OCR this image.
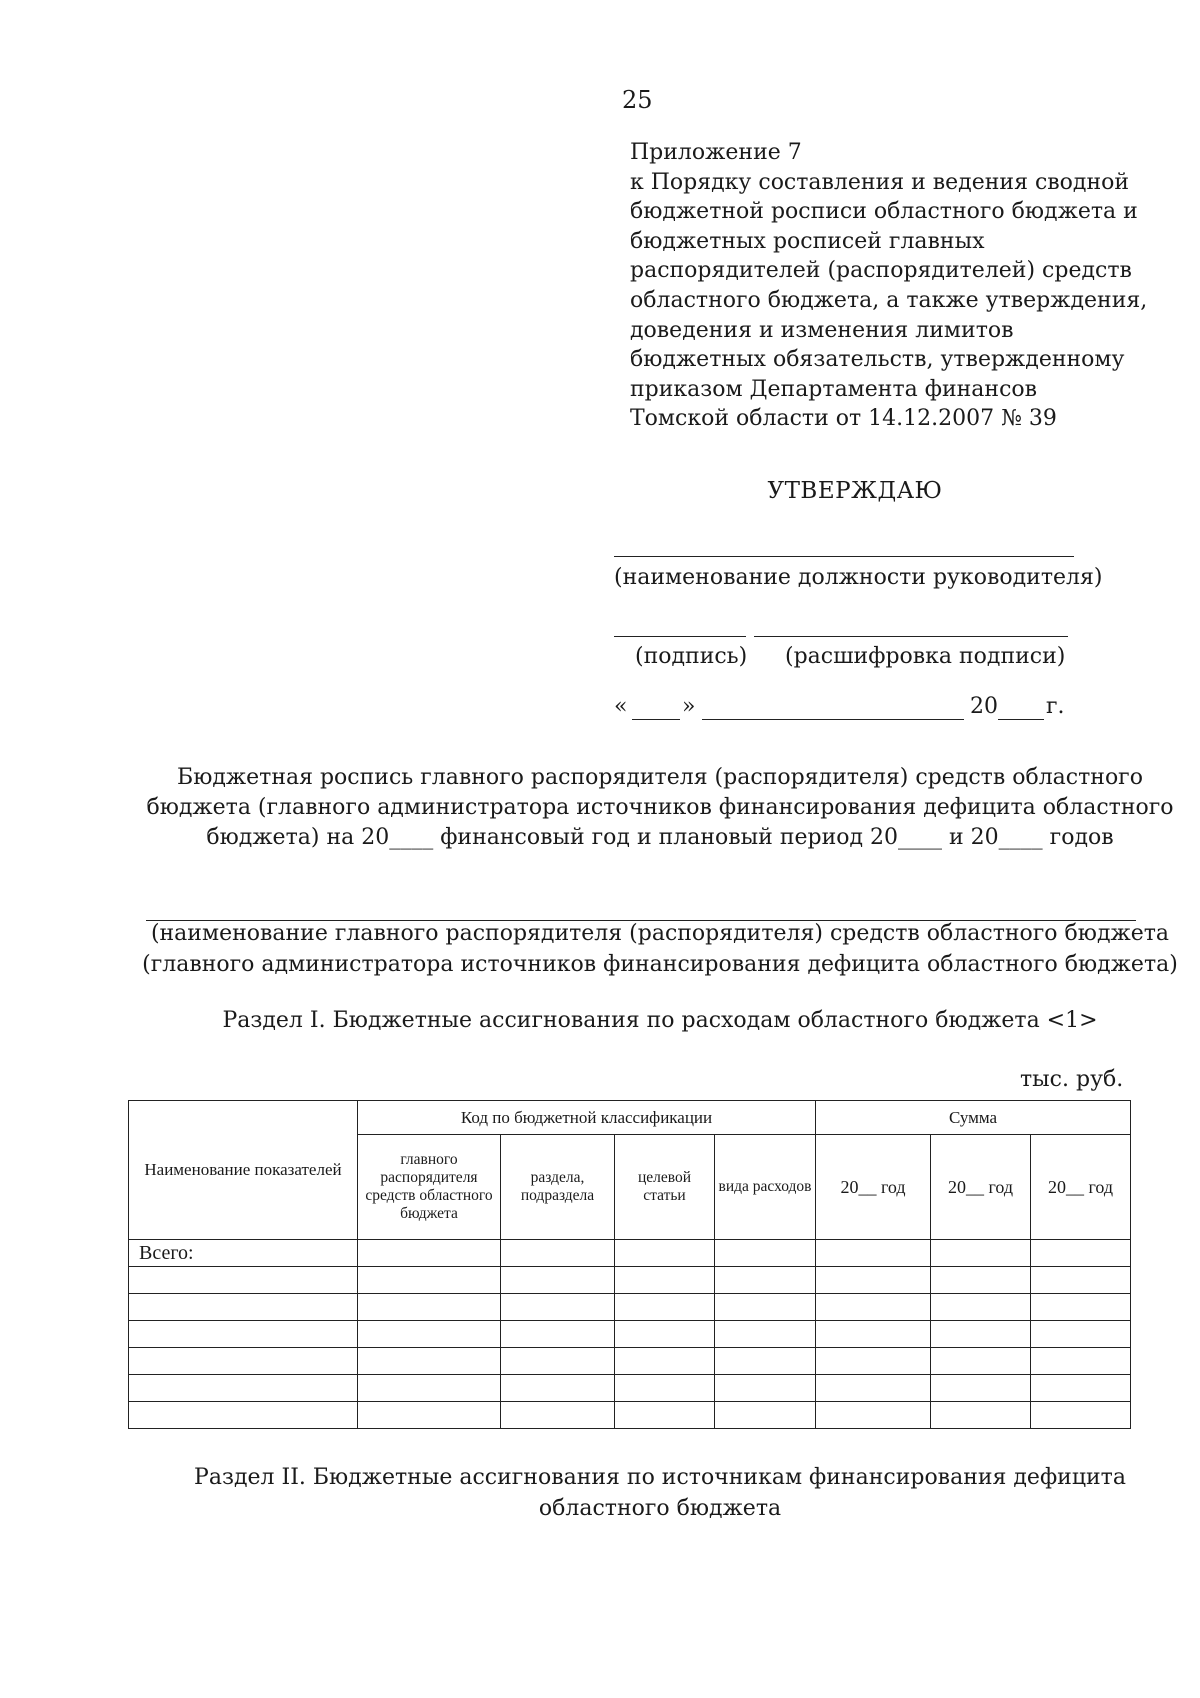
25
Приложение 7
к Порядку составления и ведения сводной
бюджетной росписи областного бюджета и
бюджетных росписей главных
распорядителей (распорядителей) средств
областного бюджета, а также утверждения,
доведения и изменения лимитов
бюджетных обязательств, утвержденному
приказом Департамента финансов
Томской области от 14.12.2007 № 39
УТВЕРЖДАЮ
(наименование должности руководителя)
(подпись) (расшифровка подписи)
« »	20 г.
Бюджетная роспись главного распорядителя (распорядителя) средств областного
бюджета (главного администратора источников финансирования дефицита областного
бюджета) на 20____ финансовый год и плановый период 20____ и 20____ годов
(наименование главного распорядителя (распорядителя) средств областного бюджета
(главного администратора источников финансирования дефицита областного бюджета)
Раздел I. Бюджетные ассигнования по расходам областного бюджета <1>
тыс. руб.
Наименование показателей	Код по бюджетной классификации				Сумма		
	главного распорядителя средств областного бюджета	раздела, подраздела	целевой статьи	вида расходов	20__ год	20__ год	20__ год
Всего:							

Раздел II. Бюджетные ассигнования по источникам финансирования дефицита
областного бюджета
